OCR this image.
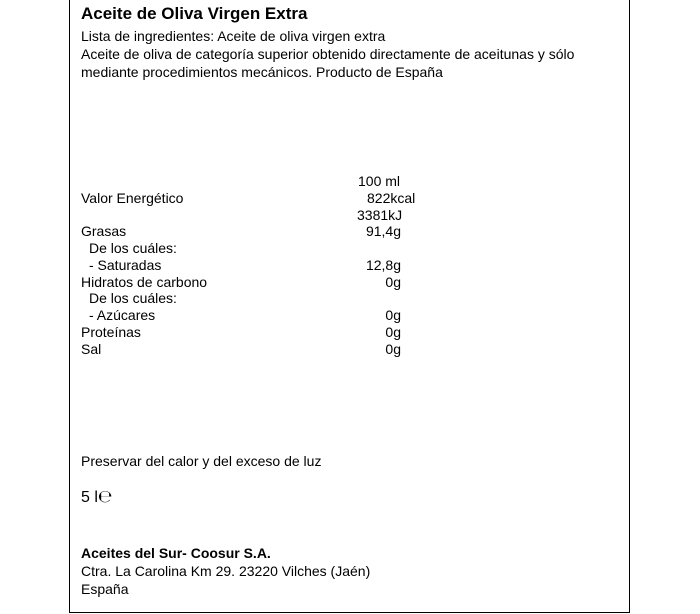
Aceite de Oliva Virgen Extra
Lista de ingredientes: Aceite de oliva virgen extra
Aceite de oliva de categoría superior obtenido directamente de aceitunas y sólo
mediante procedimientos mecánicos. Producto de España
100 ml
Valor Energético	822kcal
3381kJ
Grasas	91,4g
De los cuáles:
- Saturadas	12,8g
Hidratos de carbono	0g
De los cuáles:
- Azúcares	0g
Proteínas	0g
Sal	0g
Preservar del calor y del exceso de luz
5 l℮
Aceites del Sur- Coosur S.A.
Ctra. La Carolina Km 29. 23220 Vilches (Jaén)
España
